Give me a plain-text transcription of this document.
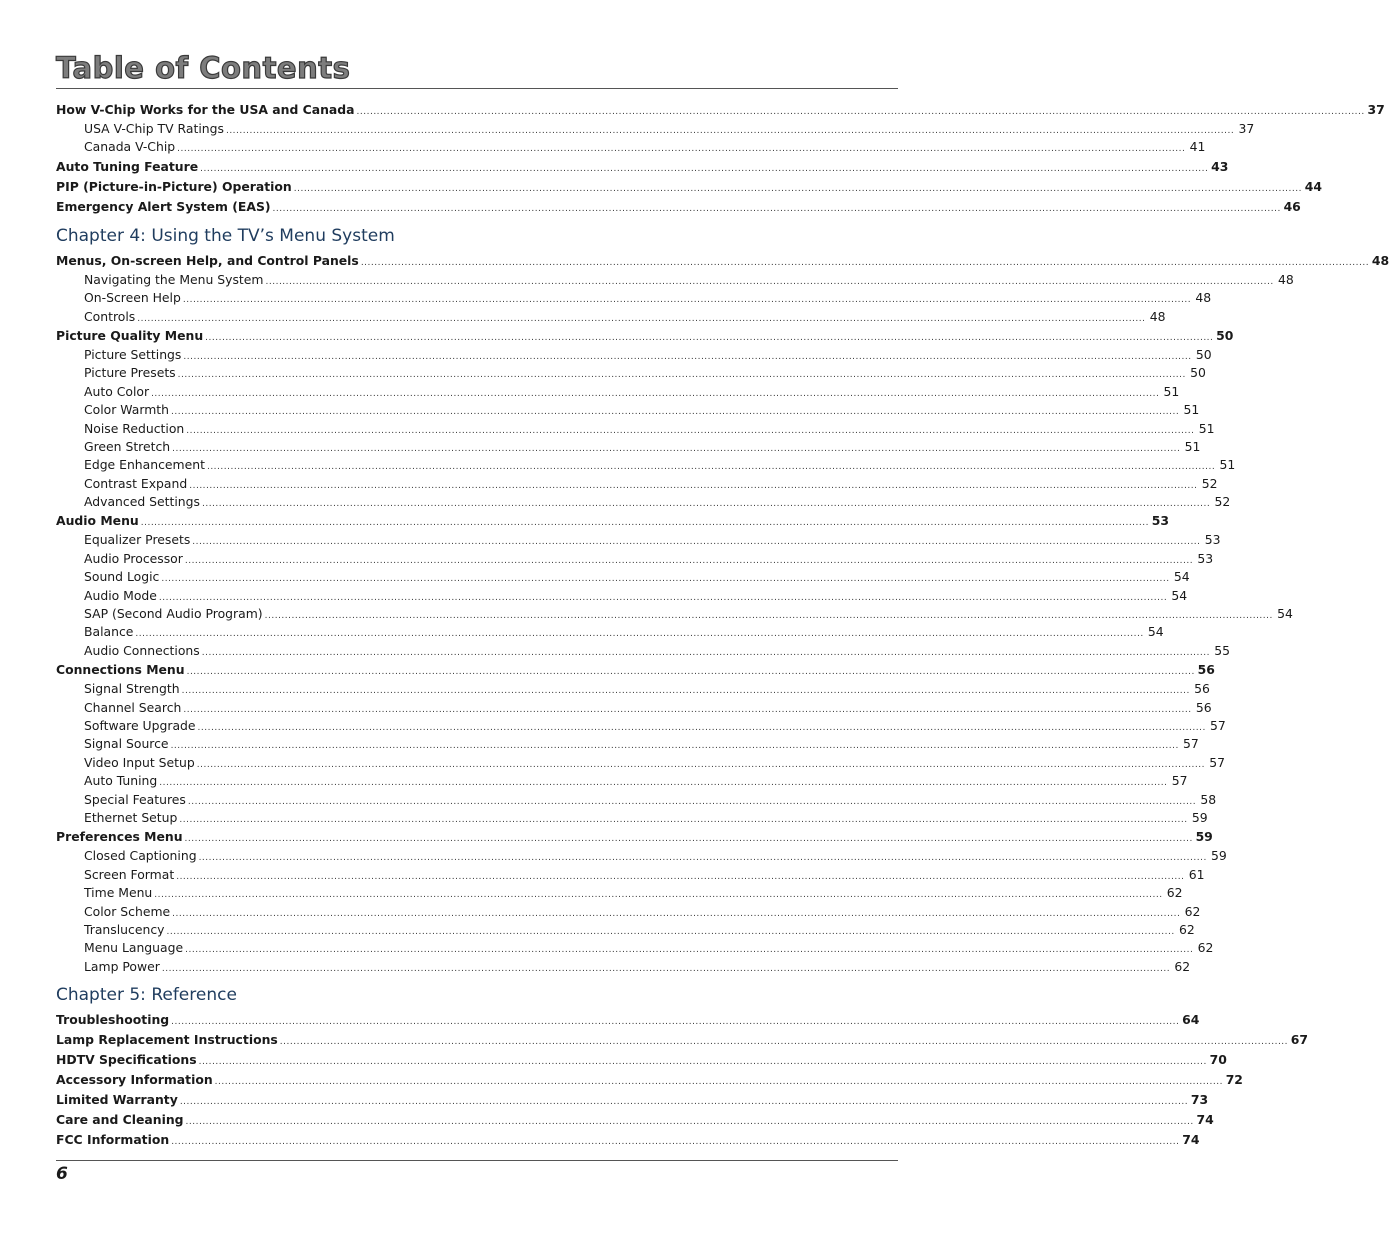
Table of Contents
How V-Chip Works for the USA and Canada ............................................................................................................................................................................................................................................................................................................ 37
USA V-Chip TV Ratings ............................................................................................................................................................................................................................................................................................................ 37
Canada V-Chip ............................................................................................................................................................................................................................................................................................................ 41
Auto Tuning Feature ............................................................................................................................................................................................................................................................................................................ 43
PIP (Picture-in-Picture) Operation ............................................................................................................................................................................................................................................................................................................ 44
Emergency Alert System (EAS) ............................................................................................................................................................................................................................................................................................................ 46
Chapter 4: Using the TV’s Menu System
Menus, On-screen Help, and Control Panels ............................................................................................................................................................................................................................................................................................................ 48
Navigating the Menu System ............................................................................................................................................................................................................................................................................................................ 48
On-Screen Help ............................................................................................................................................................................................................................................................................................................ 48
Controls ............................................................................................................................................................................................................................................................................................................ 48
Picture Quality Menu ............................................................................................................................................................................................................................................................................................................ 50
Picture Settings ............................................................................................................................................................................................................................................................................................................ 50
Picture Presets ............................................................................................................................................................................................................................................................................................................ 50
Auto Color ............................................................................................................................................................................................................................................................................................................ 51
Color Warmth ............................................................................................................................................................................................................................................................................................................ 51
Noise Reduction ............................................................................................................................................................................................................................................................................................................ 51
Green Stretch ............................................................................................................................................................................................................................................................................................................ 51
Edge Enhancement ............................................................................................................................................................................................................................................................................................................ 51
Contrast Expand ............................................................................................................................................................................................................................................................................................................ 52
Advanced Settings ............................................................................................................................................................................................................................................................................................................ 52
Audio Menu ............................................................................................................................................................................................................................................................................................................ 53
Equalizer Presets ............................................................................................................................................................................................................................................................................................................ 53
Audio Processor ............................................................................................................................................................................................................................................................................................................ 53
Sound Logic ............................................................................................................................................................................................................................................................................................................ 54
Audio Mode ............................................................................................................................................................................................................................................................................................................ 54
SAP (Second Audio Program) ............................................................................................................................................................................................................................................................................................................ 54
Balance ............................................................................................................................................................................................................................................................................................................ 54
Audio Connections ............................................................................................................................................................................................................................................................................................................ 55
Connections Menu ............................................................................................................................................................................................................................................................................................................ 56
Signal Strength ............................................................................................................................................................................................................................................................................................................ 56
Channel Search ............................................................................................................................................................................................................................................................................................................ 56
Software Upgrade ............................................................................................................................................................................................................................................................................................................ 57
Signal Source ............................................................................................................................................................................................................................................................................................................ 57
Video Input Setup ............................................................................................................................................................................................................................................................................................................ 57
Auto Tuning ............................................................................................................................................................................................................................................................................................................ 57
Special Features ............................................................................................................................................................................................................................................................................................................ 58
Ethernet Setup ............................................................................................................................................................................................................................................................................................................ 59
Preferences Menu ............................................................................................................................................................................................................................................................................................................ 59
Closed Captioning ............................................................................................................................................................................................................................................................................................................ 59
Screen Format ............................................................................................................................................................................................................................................................................................................ 61
Time Menu ............................................................................................................................................................................................................................................................................................................ 62
Color Scheme ............................................................................................................................................................................................................................................................................................................ 62
Translucency ............................................................................................................................................................................................................................................................................................................ 62
Menu Language ............................................................................................................................................................................................................................................................................................................ 62
Lamp Power ............................................................................................................................................................................................................................................................................................................ 62
Chapter 5: Reference
Troubleshooting ............................................................................................................................................................................................................................................................................................................ 64
Lamp Replacement Instructions ............................................................................................................................................................................................................................................................................................................ 67
HDTV Specifications ............................................................................................................................................................................................................................................................................................................ 70
Accessory Information ............................................................................................................................................................................................................................................................................................................ 72
Limited Warranty ............................................................................................................................................................................................................................................................................................................ 73
Care and Cleaning ............................................................................................................................................................................................................................................................................................................ 74
FCC Information ............................................................................................................................................................................................................................................................................................................ 74
6
